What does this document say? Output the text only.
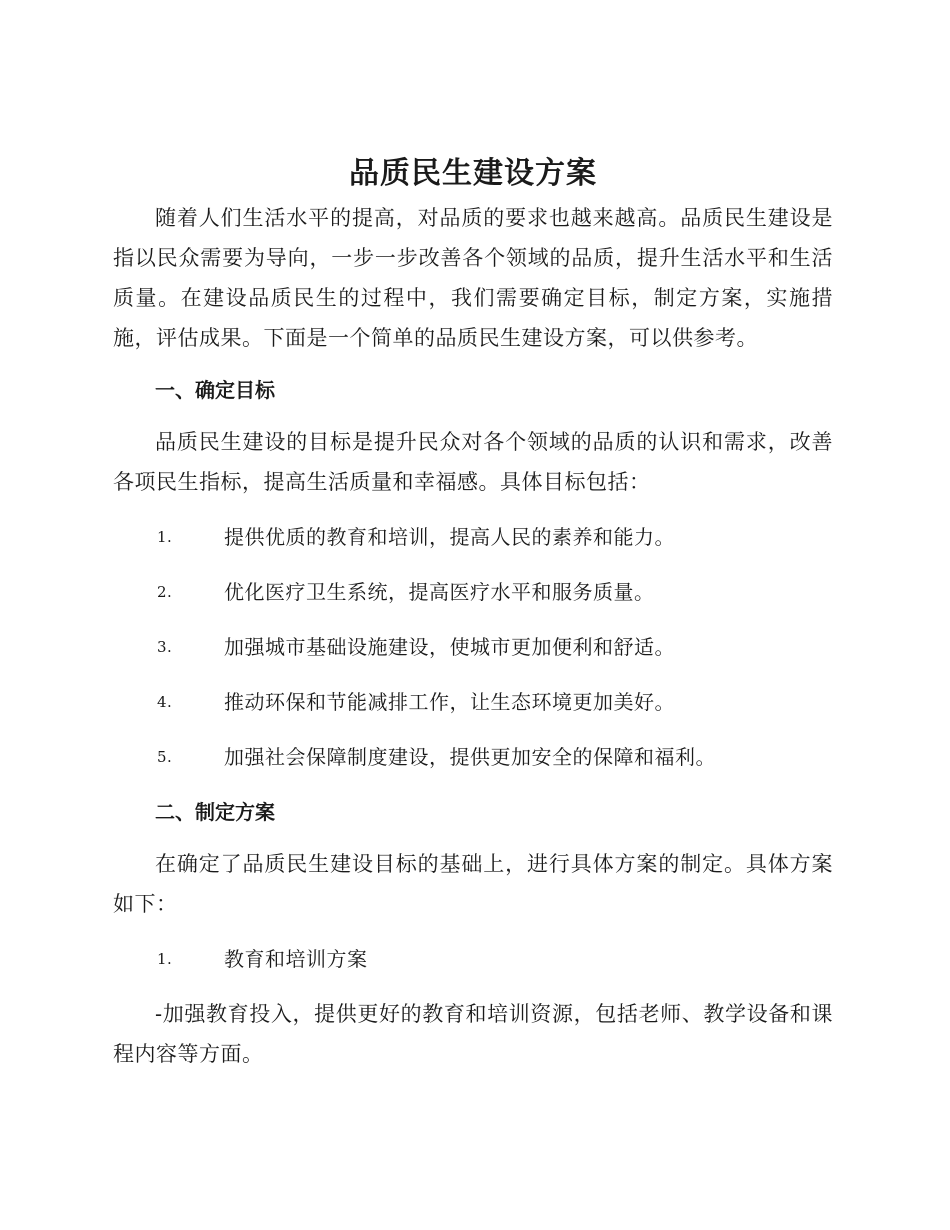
品质民生建设方案

随着人们生活水平的提高，对品质的要求也越来越高。品质民生建设是指以民众需要为导向，一步一步改善各个领域的品质，提升生活水平和生活质量。在建设品质民生的过程中，我们需要确定目标，制定方案，实施措施，评估成果。下面是一个简单的品质民生建设方案，可以供参考。

一、确定目标

品质民生建设的目标是提升民众对各个领域的品质的认识和需求，改善各项民生指标，提高生活质量和幸福感。具体目标包括：

1.	提供优质的教育和培训，提高人民的素养和能力。
2.	优化医疗卫生系统，提高医疗水平和服务质量。
3.	加强城市基础设施建设，使城市更加便利和舒适。
4.	推动环保和节能减排工作，让生态环境更加美好。
5.	加强社会保障制度建设，提供更加安全的保障和福利。
二、制定方案

在确定了品质民生建设目标的基础上，进行具体方案的制定。具体方案如下：

1.	教育和培训方案

-加强教育投入，提供更好的教育和培训资源，包括老师、教学设备和课程内容等方面。
